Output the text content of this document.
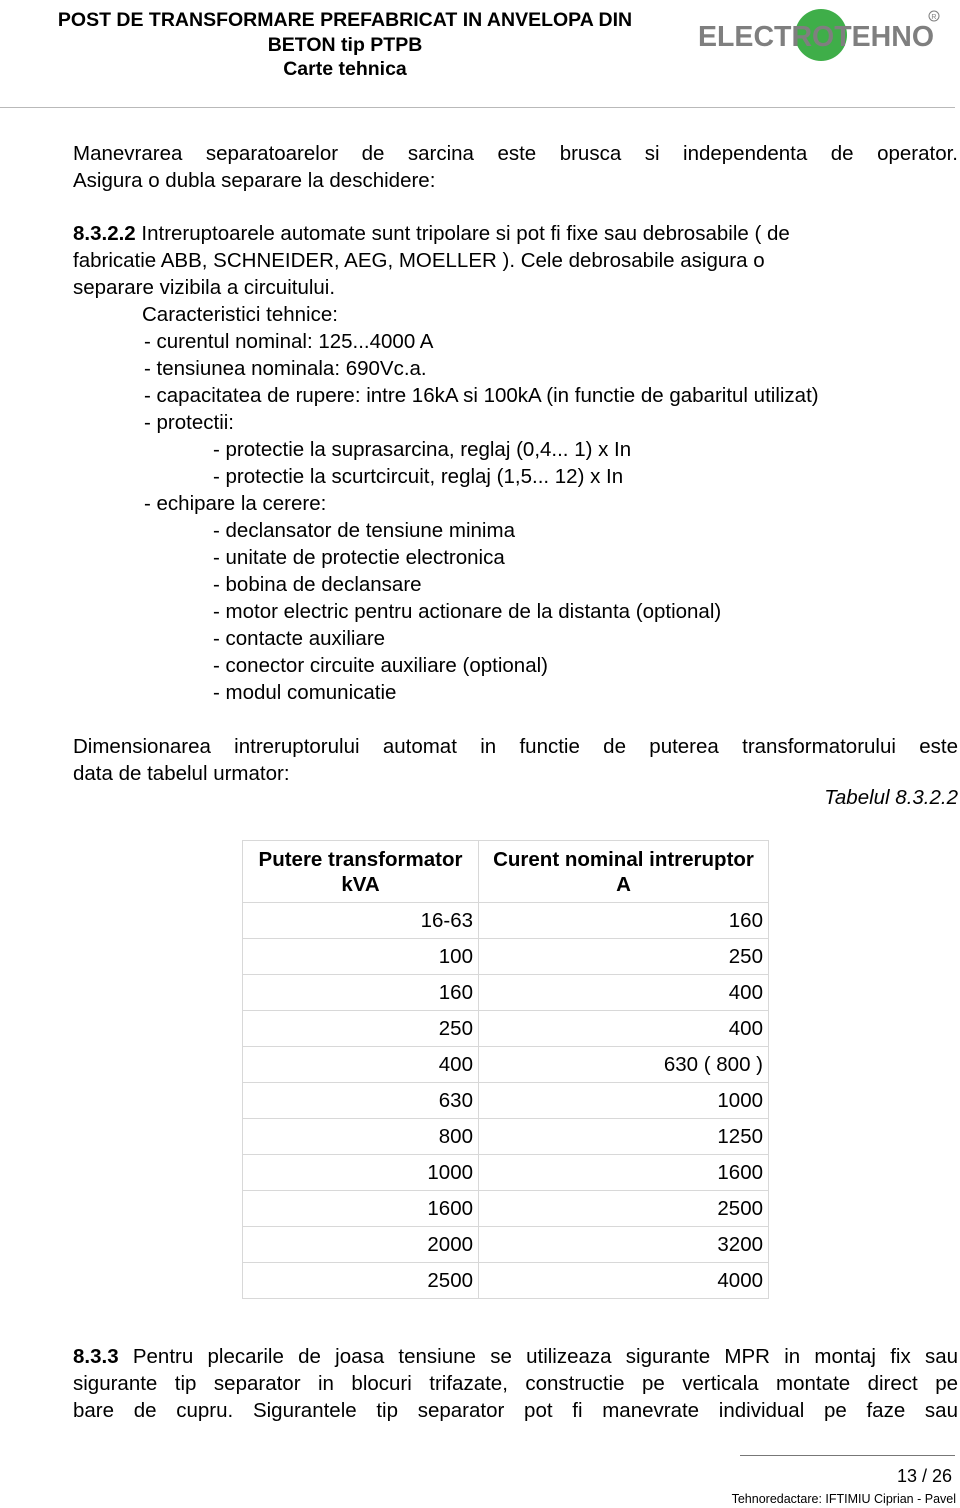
POST DE TRANSFORMARE PREFABRICAT IN ANVELOPA DIN
BETON tip PTPB
Carte tehnica
ELECTROTEHNO
R

Manevrarea separatoarelor de sarcina este brusca si independenta de operator.

Asigura o dubla separare la deschidere:

8.3.2.2 Intreruptoarele automate sunt tripolare si pot fi fixe sau debrosabile ( de

fabricatie ABB, SCHNEIDER, AEG, MOELLER ). Cele debrosabile asigura o

separare vizibila a circuitului.

Caracteristici tehnice:

- curentul nominal: 125...4000 A

- tensiunea nominala: 690Vc.a.

- capacitatea de rupere: intre 16kA si 100kA (in functie de gabaritul utilizat)

- protectii:

- protectie la suprasarcina, reglaj (0,4... 1) x In

- protectie la scurtcircuit, reglaj (1,5... 12) x In

- echipare la cerere:

- declansator de tensiune minima

- unitate de protectie electronica

- bobina de declansare

- motor electric pentru actionare de la distanta (optional)

- contacte auxiliare

- conector circuite auxiliare (optional)

- modul comunicatie

Dimensionarea intreruptorului automat in functie de puterea transformatorului este

data de tabelul urmator:

Tabelul 8.3.2.2
Putere transformator kVA	Curent nominal intreruptor A
16-63	160
100	250
160	400
250	400
400	630 ( 800 )
630	1000
800	1250
1000	1600
1600	2500
2000	3200
2500	4000

8.3.3 Pentru plecarile de joasa tensiune se utilizeaza sigurante MPR in montaj fix sau

sigurante tip separator in blocuri trifazate, constructie pe verticala montate direct pe

bare de cupru. Sigurantele tip separator pot fi manevrate individual pe faze sau

13 / 26
Tehnoredactare: IFTIMIU Ciprian - Pavel
